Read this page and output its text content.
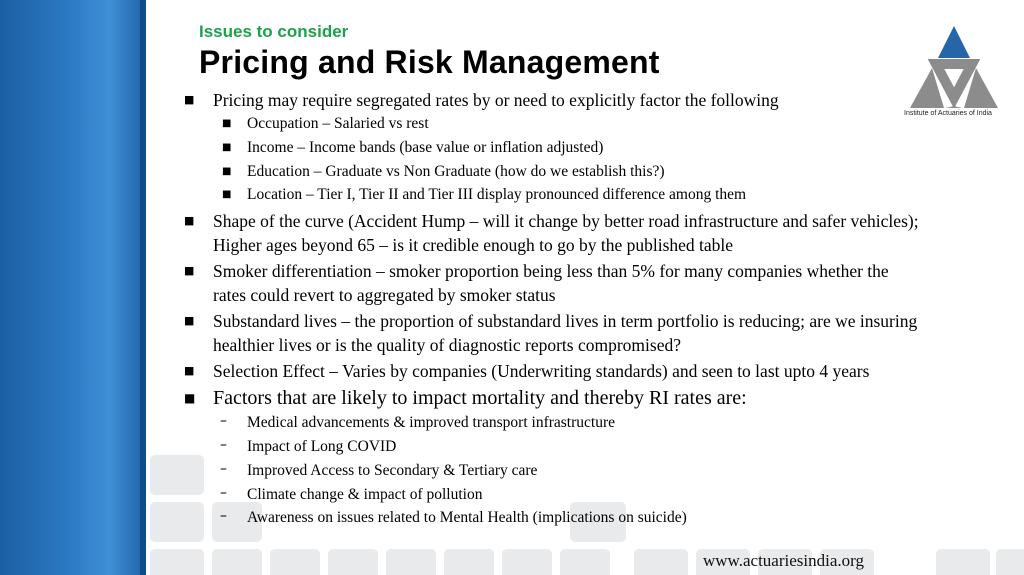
Issues to consider

Pricing and Risk Management
Institute of Actuaries of India
■ Pricing may require segregated rates by or need to explicitly factor the following
■ Occupation – Salaried vs rest
■ Income – Income bands (base value or inflation adjusted)
■ Education – Graduate vs Non Graduate (how do we establish this?)
■ Location – Tier I, Tier II and Tier III display pronounced difference among them
■ Shape of the curve (Accident Hump – will it change by better road infrastructure and safer vehicles);
Higher ages beyond 65 – is it credible enough to go by the published table
■ Smoker differentiation – smoker proportion being less than 5% for many companies whether the
rates could revert to aggregated by smoker status
■ Substandard lives – the proportion of substandard lives in term portfolio is reducing; are we insuring
healthier lives or is the quality of diagnostic reports compromised?
■ Selection Effect – Varies by companies (Underwriting standards) and seen to last upto 4 years
■ Factors that are likely to impact mortality and thereby RI rates are:
– Medical advancements & improved transport infrastructure
– Impact of Long COVID
– Improved Access to Secondary & Tertiary care
– Climate change & impact of pollution
– Awareness on issues related to Mental Health (implications on suicide)
www.actuariesindia.org
